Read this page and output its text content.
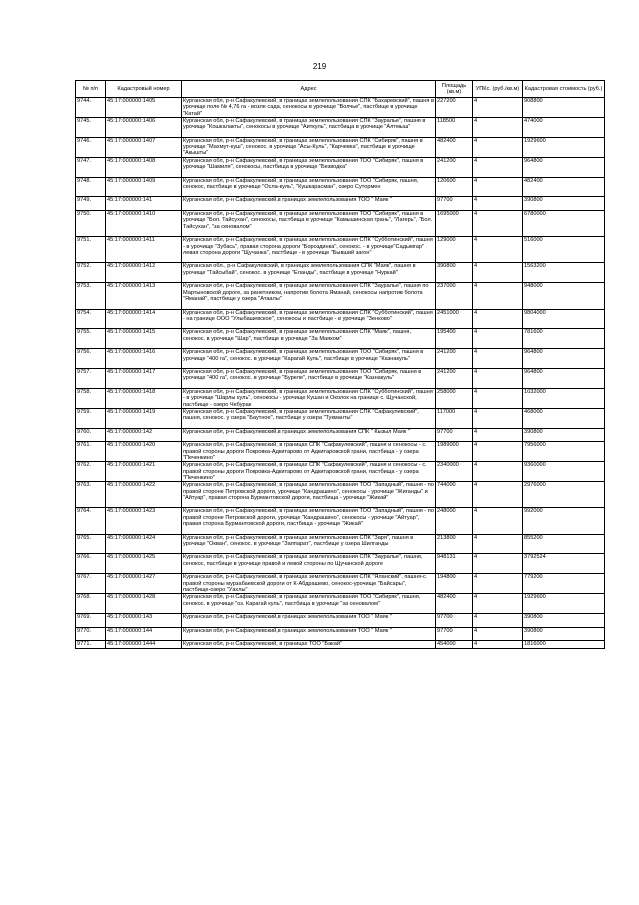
219
№ п/п	Кадастровый номер	Адрес	Площадь (кв.м)	УПКс. (руб./кв.м)	Кадастровая стоимость (руб.)
9744.	45:17:000000:1405	Курганская обл, р-н Сафакулевский, в границах землепользования СПК "Бахаревский", пашня в урочище поле № 4,76 га - возле сада, сенокосы в урочище "Волчье", пастбище в урочище "Катай"	227200	4	908800
9745.	45:17:000000:1406	Курганская обл, р-н Сафакулевский, в границах землепользования СПК "Зауралье", пашня в урочище "Кошкалакты", сенокосы в урочище "Аиткуль", пастбища в урочище "Алтмыш"	118500	4	474000
9746.	45:17:000000:1407	Курганская обл, р-н Сафакулевский, в границах землепользования СПК "Сибиряк", пашня в урочище "Махмут-куш", сенокос. в урочище "Асы-Куль", "Карчевка", пастбище в урочище "Акышты"	482400	4	1929600
9747.	45:17:000000:1408	Курганская обл, р-н Сафакулевский, в границах землепользования ТОО "Сибиряк", пашня в урочище "Шамиля", сенокосы, пастбища в урочище "Безводка"	241200	4	964800
9748.	45:17:000000:1409	Курганская обл, р-н Сафакулевский, в границах землепользования ТОО "Сибиряк, пашня, сенокос, пастбище в урочище "Осла-куль", "Кушкарасман", озеро Сутормен	120600	4	482400
9749.	45:17:000000:141	Курганская обл, р-н Сафакулевский,в границах землепользования ТОО " Маяк "	97700	4	390800
9750.	45:17:000000:1410	Курганская обл, р-н Сафакулевский, в границах землепользования ТОО "Сибиряк", пашня в урочище "Бол. Тайсухан", сенокосы, пастбища в урочище "Камышинская грань", "Лагерь", "Бол. Тайсухан", "за сеновалом"	1695000	4	6780000
9751.	45:17:000000:1411	Курганская обл, р-н Сафакулевский, в границах землепользования СПК "Субботинский", пашня - в урочище "Зубась", правая сторона дороги "Бороздинка", сенокос. - в урочище"Садымгар" левая сторона дороги "Щучанка", пастбище - в урочище "Бывший загон"	129000	4	516000
9752.	45:17:000000:1412	Курганская обл., р-н Сафакулевский, в границах землепользования СПК "Маяк", пашня в урочище "Тайсыбай", сенокос. в урочище "Еланды", пастбище в урочище "Нуркай"	390800	4	1563200
9753.	45:17:000000:1413	Курганская обл, р-н Сафакулевский, в границах землепользования СПК "Зауралье", пашня по Мартыновской дороге, за ранетником, напротив болота Яманай, сенокосы напротив болота "Яманай", пастбище у озера "Атаалы"	237000	4	948000
9754.	45:17:000000:1414	Курганская обл, р-н Сафакулевский, в границах землепользования СПК "Субботинский", пашня - на границе ООО "Улыбашевское", сенокосы и пастбище - в урочище "Зенково"	2451000	4	9804000
9755.	45:17:000000:1415	Курганская обл, р-н Сафакулевский, в границах землепользования СПК "Маяк", пашня, сенокос. в урочище "Шар", пастбище в урочище "За Маяком"	195400	4	781600
9756.	45:17:000000:1416	Курганская обл, р-н Сафакулевский, в границах землепользования ТОО "Сибиряк", пашня в урочище "400 га", сенокос. в урочище "Карагай Куль", пастбище в урочище "Казнакуль"	241200	4	964800
9757.	45:17:000000:1417	Курганская обл, р-н Сафакулевский, в границах землепользования ТОО "Сибиряк, пашня в урочище "400 га", сенокос. в урочище "Буреле", пастбище в урочище "Казнакуль"	241200	4	964800
9758.	45:17:000000:1418	Курганская обл, р-н Сафакулевский, в границах землепользования СПК "Субботинский", пашня - в урочище "Шарлы куль", сенокосы - урочище Кушан и Околок на границе с. Щучанской, пастбище - озеро Чебурак	258000	4	1032000
9759.	45:17:000000:1419	Курганская обл, р-н Сафакулевский, в границах землепользования СПК "Сафакулевский", пашня, сенокос. у озера "Баутное", пастбище у озера "Тукманты"	117000	4	468000
9760.	45:17:000000:142	Курганская обл, р-н Сафакулевский,в границах землепользования СПК " Кызыл Маяк "	97700	4	390800
9761.	45:17:000000:1420	Курганская обл, р-н Сафакулевский, в границах СПК "Сафакулевский", пашня и сенокосы - с. правой стороны дороги Покровка-Адкитарово от Адкитаровской грани, пастбища - у озера "Печенкино"	1989000	4	7956000
9762.	45:17:000000:1421	Курганская обл, р-н Сафакулевский, в границах СПК "Сафакулевский", пашня и сенокосы - с. правой стороны дороги Покровка-Адкитарово от Адкитаровской грани, пастбища - у озера "Печенкино"	2340000	4	9360000
9763.	45:17:000000:1422	Курганская обл, р-н Сафакулевский, в границах землепользования ТОО "Западный", пашня - по правой стороне Петровской дороги, урочище "Кандрашино", сенокосы - урочище "Жиганды" и "Айтуар", правая сторона Бурмантовской дороги, пастбища - урочище "Жикай"	744000	4	2976000
9764.	45:17:000000:1423	Курганская обл, р-н Сафакулевский, в границах землепользования ТОО "Западный", пашня - по правой стороне Петровской дороги, урочище "Кандрашино", сенокосы - урочище "Айтуар", правая сторона Бурмантовской дороги, пастбища - урочище "Жикай"	248000	4	992000
9765.	45:17:000000:1424	Курганская обл, р-н Сафакулевский, в границах землепользования СПК "Заря", пашня в урочище "Окван", сенокос. в урочище "Заппарат", пастбище у озера Шилганды	213800	4	855200
9766.	45:17:000000:1425	Курганская обл, р-н Сафакулевский, в границах землепользования СПК "Зауралье", пашня, сенокос, пастбище в урочище правой и левой стороны по Щучанской дороге	948131	4	3792524
9767.	45:17:000000:1427	Курганская обл, р-н Сафакулевский, в границах землепользования СПК "Яланский", пашня-с. правой стороны мурзабаевской дороги от К-Абдрашево, сенокос-урочище "Байсары", пастбище-озеро "Уахлы"	194800	4	779200
9768.	45:17:000000:1428	Курганская обл, р-н Сафакулевский, в границах землепользования ТОО "Сибиряк", пашня, сенокос. в урочище "оз. Карагай куль", пастбища в урочище "за сеновалом"	482400	4	1929600
9769.	45:17:000000:143	Курганская обл, р-н Сафакулевский,в границах землепользования ТОО " Маяк "	97700	4	390800
9770.	45:17:000000:144	Курганская обл, р-н Сафакулевский,в границах землепользования ТОО " Маяк "	97700	4	390800
9771.	45:17:000000:1444	Курганская обл, р-н Сафакулевский, в границах ТОО "Бакай"	454000	4	1816000
